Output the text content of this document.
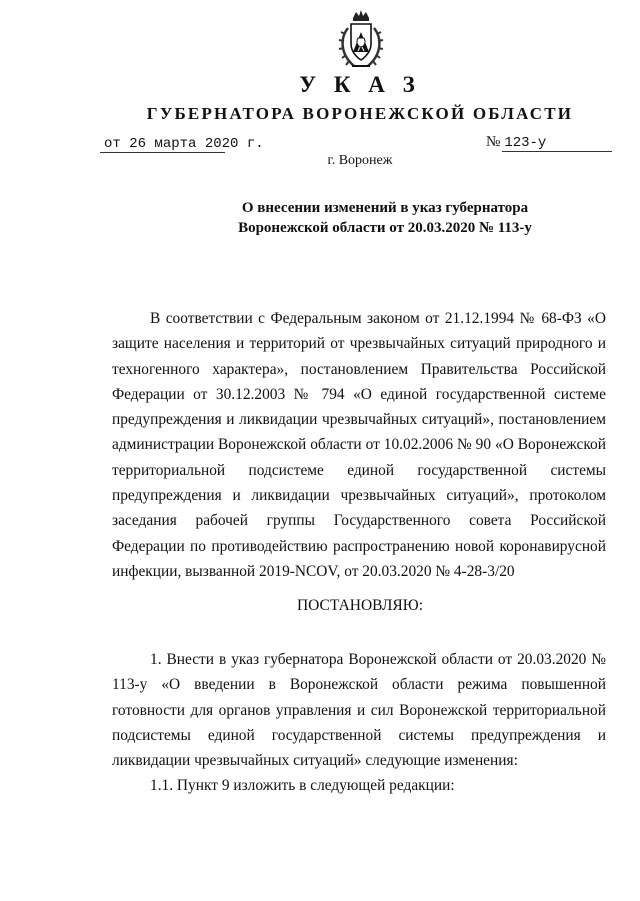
У К А З
ГУБЕРНАТОРА ВОРОНЕЖСКОЙ ОБЛАСТИ
от 26 марта 2020 г.	№ 123-у
г. Воронеж
О внесении изменений в указ губернатора
Воронежской области от 20.03.2020 № 113-у

В соответствии с Федеральным законом от 21.12.1994 № 68-ФЗ «О защите населения и территорий от чрезвычайных ситуаций природного и техногенного характера», постановлением Правительства Российской Федерации от 30.12.2003 № 794 «О единой государственной системе предупреждения и ликвидации чрезвычайных ситуаций», постановлением администрации Воронежской области от 10.02.2006 № 90 «О Воронежской территориальной подсистеме единой государственной системы предупреждения и ликвидации чрезвычайных ситуаций», протоколом заседания рабочей группы Государственного совета Российской Федерации по противодействию распространению новой коронавирусной инфекции, вызванной 2019-NCOV, от 20.03.2020 № 4-28-3/20

ПОСТАНОВЛЯЮ:

1. Внести в указ губернатора Воронежской области от 20.03.2020 № 113-у «О введении в Воронежской области режима повышенной готовности для органов управления и сил Воронежской территориальной подсистемы единой государственной системы предупреждения и ликвидации чрезвычайных ситуаций» следующие изменения:

1.1. Пункт 9 изложить в следующей редакции:
